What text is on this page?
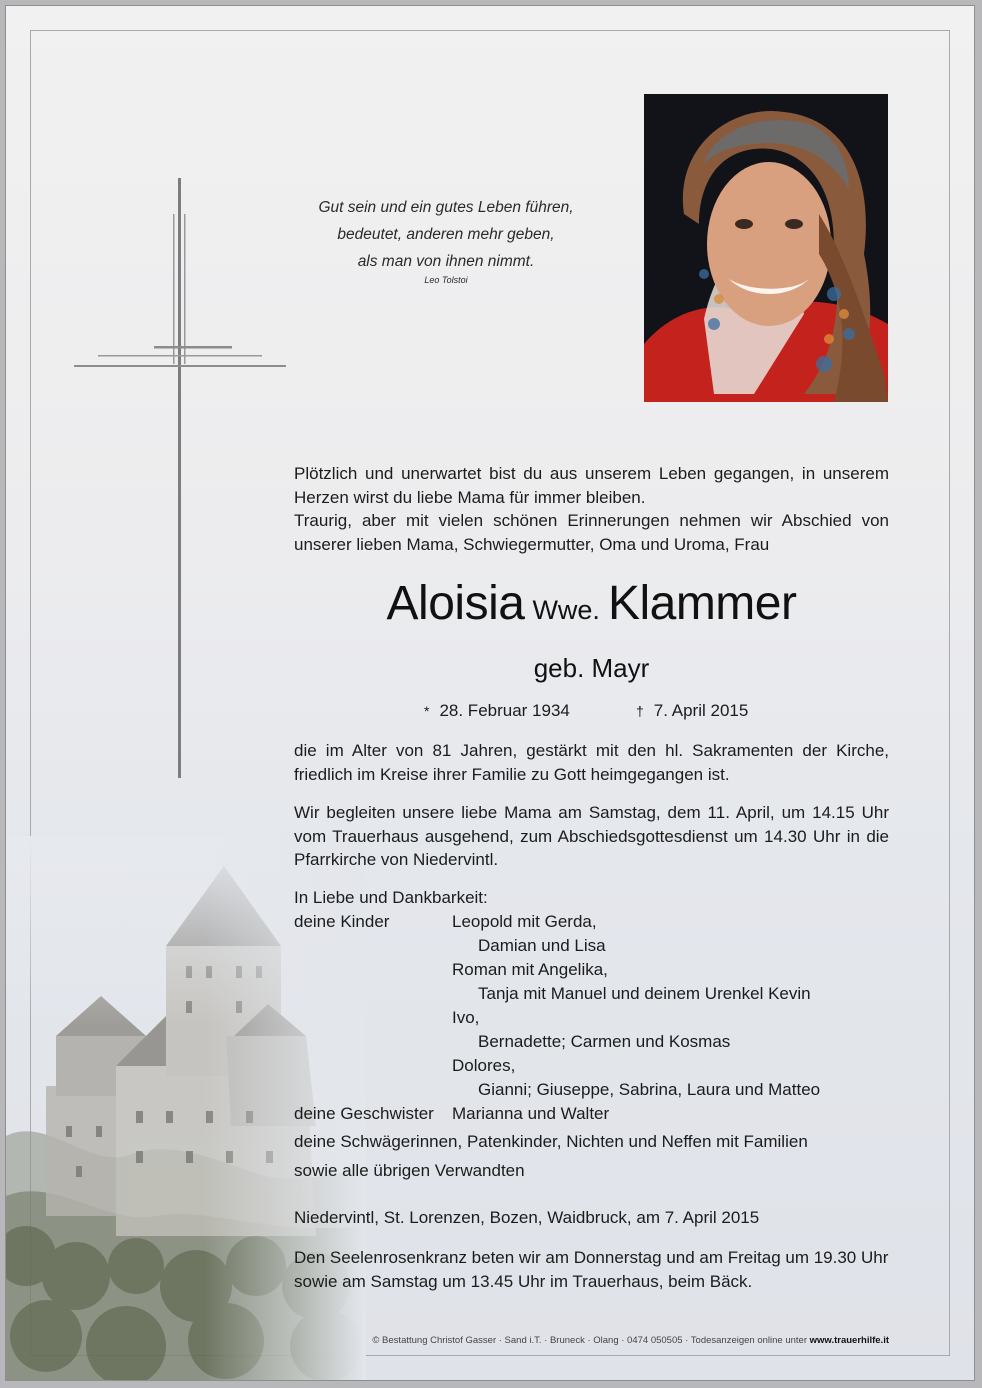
Gut sein und ein gutes Leben führen,
bedeutet, anderen mehr geben,
als man von ihnen nimmt.
Leo Tolstoi

Plötzlich und unerwartet bist du aus unserem Leben gegangen, in unserem Herzen wirst du liebe Mama für immer bleiben.

Traurig, aber mit vielen schönen Erinnerungen nehmen wir Abschied von unserer lieben Mama, Schwiegermutter, Oma und Uroma, Frau

Aloisia Wwe. Klammer
geb. Mayr
* 28. Februar 1934	† 7. April 2015

die im Alter von 81 Jahren, gestärkt mit den hl. Sakramenten der Kirche, friedlich im Kreise ihrer Familie zu Gott heimgegangen ist.

Wir begleiten unsere liebe Mama am Samstag, dem 11. April, um 14.15 Uhr vom Trauerhaus ausgehend, zum Abschiedsgottesdienst um 14.30 Uhr in die Pfarrkirche von Niedervintl.

In Liebe und Dankbarkeit:
deine Kinder	Leopold mit Gerda,
Damian und Lisa
Roman mit Angelika,
Tanja mit Manuel und deinem Urenkel Kevin
Ivo,
Bernadette; Carmen und Kosmas
Dolores,
Gianni; Giuseppe, Sabrina, Laura und Matteo
deine Geschwister Marianna und Walter
deine Schwägerinnen, Patenkinder, Nichten und Neffen mit Familien
sowie alle übrigen Verwandten
Niedervintl, St. Lorenzen, Bozen, Waidbruck, am 7. April 2015

Den Seelenrosenkranz beten wir am Donnerstag und am Freitag um 19.30 Uhr

sowie am Samstag um 13.45 Uhr im Trauerhaus, beim Bäck.

© Bestattung Christof Gasser · Sand i.T. · Bruneck · Olang · 0474 050505 · Todesanzeigen online unter www.trauerhilfe.it
